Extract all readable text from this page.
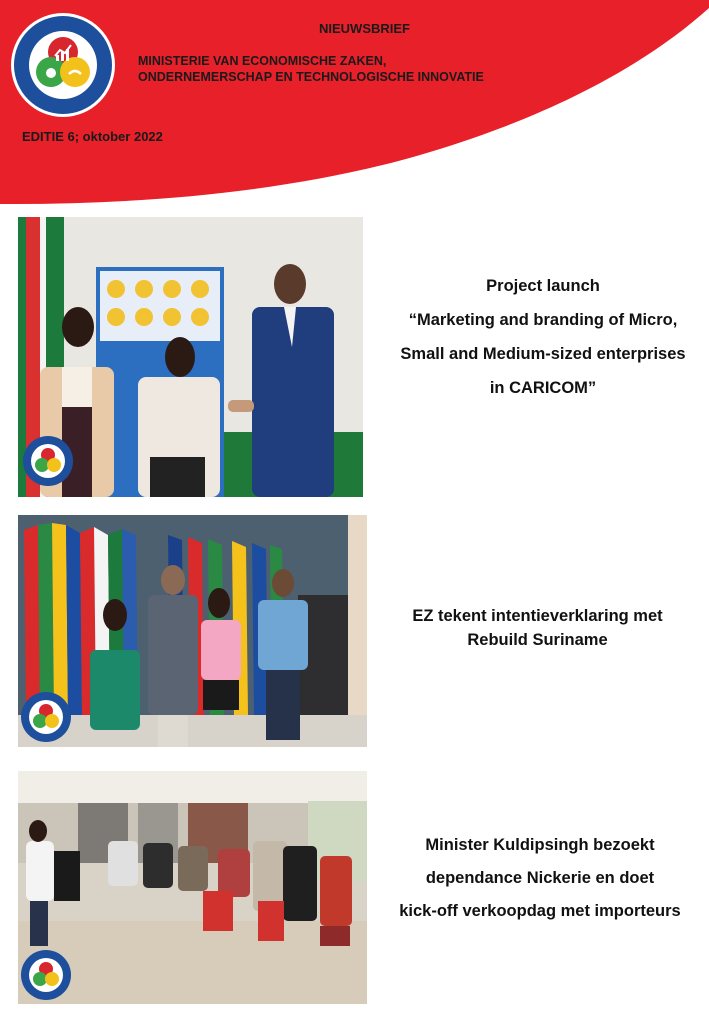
NIEUWSBRIEF
MINISTERIE VAN ECONOMISCHE ZAKEN,
ONDERNEMERSCHAP EN TECHNOLOGISCHE INNOVATIE
EDITIE 6; oktober 2022
Project launch
“Marketing and branding of Micro,
Small and Medium-sized enterprises
in CARICOM”
EZ tekent intentieverklaring met
Rebuild Suriname
Minister Kuldipsingh bezoekt
dependance Nickerie en doet
kick-off verkoopdag met importeurs
